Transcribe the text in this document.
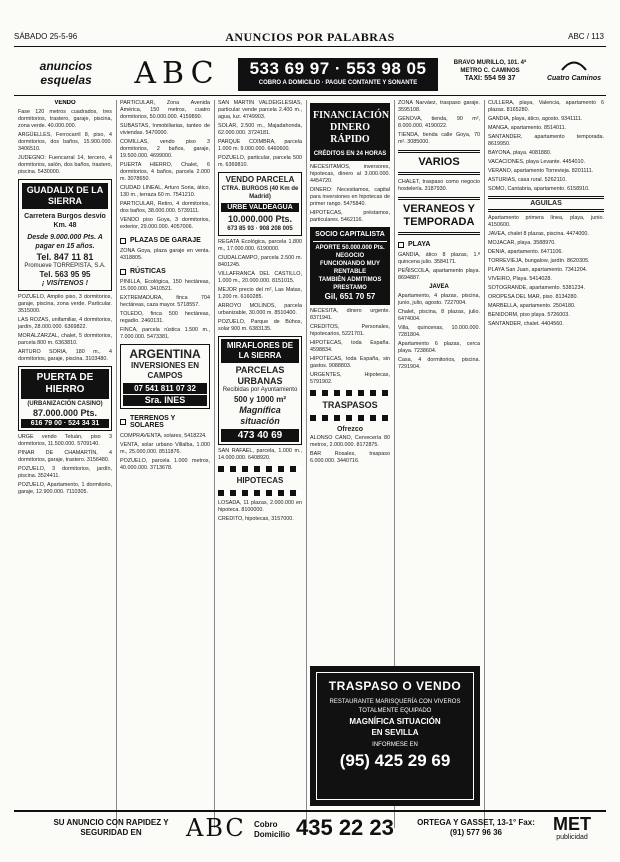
SÁBADO 25-5-96	ANUNCIOS POR PALABRAS	ABC / 113
anuncios esquelas	ABC	533 69 97 · 553 98 05
COBRO A DOMICILIO · PAGUE CONTANTE Y SONANTE
BRAVO MURILLO, 101. 4ª
METRO C. CAMINOS
TAXI: 554 59 37	Cuatro Caminos

VENDO

Fase 120 metros cuadrados, tres dormitorios, trastero, garaje, piscina, zona verde. 40.000.000.

ARGÜELLES, Ferrocarril 8, piso, 4 dormitorios, dos baños, 15.900.000. 3406510.

JUDEGNO: Fuencarral 14, tercero, 4 dormitorios, salón, dos baños, trastero, piscina. 5430000.

GUADALIX DE LA SIERRA
Carretera Burgos desvío Km. 48
Desde 9.000.000 Pts. A pagar en 15 años.
Tel. 847 11 81
Promueve TORREPISTA, S.A.
Tel. 563 95 95
¡ VISÍTENOS !

POZUELO, Amplio piso, 3 dormitorios, garaje, piscina, zona verde. Particular. 3515000.

LAS ROZAS, unifamiliar, 4 dormitorios, jardín, 28.000.000. 6369822.

MORALZARZAL, chalet, 5 dormitorios, parcela 800 m. 6363810.

ARTURO SORIA, 180 m., 4 dormitorios, garaje, piscina. 3103480.

PUERTA DE HIERRO
(URBANIZACIÓN CASINO)
87.000.000 Pts.
616 79 00 · 524 34 31

URGE vendo Tetuán, piso 3 dormitorios, 11.500.000. 5709140.

PINAR DE CHAMARTÍN, 4 dormitorios, garaje, trastero. 3156480.

POZUELO, 3 dormitorios, jardín, piscina. 3524411.

POZUELO, Apartamento, 1 dormitorio, garaje, 12.900.000. 7110305.

PARTICULAR, Zona Avenida América, 150 metros, cuatro dormitorios, 50.000.000. 4159890.

SUBASTAS, Inmobiliarias, tanteo de viviendas. 5470000.

COMILLAS, vendo piso 3 dormitorios, 2 baños, garaje, 19.500.000. 4699000.

PUERTA HIERRO, Chalet, 6 dormitorios, 4 baños, parcela 2.000 m. 3078650.

CIUDAD LINEAL, Arturo Soria, ático, 130 m., terraza 60 m. 7541210.

PARTICULAR, Retiro, 4 dormitorios, dos baños, 38.000.000. 5739111.

VENDO piso Goya, 3 dormitorios, exterior, 29.000.000. 4057006.

PLAZAS DE GARAJE

ZONA Goya, plaza garaje en venta. 4318805.

RÚSTICAS

PINILLA, Ecológica, 150 hectáreas, 15.000.000. 3410521.

EXTREMADURA, finca 704 hectáreas, caza mayor. 5718557.

TOLEDO, finca 500 hectáreas, regadío. 2460131.

FINCA, parcela rústica 1.500 m., 7.000.000. 5473381.

ARGENTINA
INVERSIONES EN CAMPOS
07 541 811 07 32
Sra. INES
TERRENOS Y SOLARES

COMPRAVENTA, solares, 5418224.

VENTA, solar urbano Villalba, 1.000 m., 25.000.000. 8511876.

POZUELO, parcela 1.000 metros, 40.000.000. 3713678.

SAN MARTÍN VALDEIGLESIAS, particular vende parcela 2.400 m., agua, luz. 4749903.

SOLAR, 2.500 m., Majadahonda, 62.000.000. 3724181.

PARQUE COIMBRA, parcela 1.000 m. 9.000.000. 6460600.

POZUELO, particular, parcela 500 m. 6369810.

VENDO PARCELA
CTRA. BURGOS (40 Km de Madrid)
URBE VALDEAGUA
10.000.000 Pts.
673 85 93 · 908 208 005

REGATA Ecológica, parcela 1.800 m., 17.000.000. 6190000.

CIUDALCAMPO, parcela 2.500 m. 8401245.

VILLAFRANCA DEL CASTILLO, 1.000 m., 20.000.000. 8151015.

MEJOR precio del m², Las Matas, 1.200 m. 6160285.

ARROYO MOLINOS, parcela urbanizable, 30.000 m. 8510400.

POZUELO, Parque de Búhos, solar 900 m. 6383135.

MIRAFLORES DE LA SIERRA
PARCELAS URBANAS
Recibidas por Ayuntamiento
500 y 1000 m²
Magnífica situación
473 40 69

SAN RAFAEL, parcela, 1.000 m., 14.000.000. 6408920.

HIPOTECAS

LOSADA, 11 plazas, 2.000.000 en hipoteca. 8100000.

CREDITO, hipotecas, 3157000.

FINANCIACIÓN DINERO RÁPIDO
CRÉDITOS EN 24 HORAS

NECESITAMOS, inversores, hipotecas, dinero al 3.000.000. 4454720.

DINERO: Necesitamos, capital para inversiones en hipotecas de primer rango. 5475840.

HIPOTECAS, préstamos, particulares. 5462116.

SOCIO CAPITALISTA
APORTE 50.000.000 Pts. NEGOCIO FUNCIONANDO MUY RENTABLE
TAMBIÉN ADMITIMOS PRESTAMO
Gil, 651 70 57

NECESITA, dinero urgente. 8371941.

CREDITOS, Personales, hipotecarios, 5221701.

HIPOTECAS, toda España. 4598834.

HIPOTECAS, toda España, sin gastos. 9088803.

URGENTES, Hipotecas, 5791902.

TRASPASOS
Ofrezco

ALONSO CANO, Cervecería 80 metros, 2.000.000. 8172875.

BAR Rosales, traspaso 6.000.000. 3440716.

ZONA Narváez, traspaso garaje. 3595108.

GENOVA, tienda, 90 m², 8.000.000. 4190022.

TIENDA, tienda calle Goya, 70 m². 3085000.

VARIOS

CHALET, traspaso como negocio hostelería. 3187930.

VERANEOS Y TEMPORADA
PLAYA

GANDIA, ático 8 plazas, 1.ª quincena julio. 3584171.

PEÑISCOLA, apartamento playa. 8694887.

JAVEA

Apartamento, 4 plazas, piscina, junio, julio, agosto. 7227004.

Chalet, piscina, 8 plazas, julio. 6474004.

Villa, quincenas, 10.000.000. 7281804.

Apartamento 6 plazas, cerca playa. 7238604.

Casa, 4 dormitorios, piscina. 7291904.

CULLERA, playa, Valencia, apartamento 6 plazas. 8165280.

GANDIA, playa, ático, agosto. 9341111.

MANGA, apartamento. 8514011.

SANTANDER, apartamento temporada. 8619950.

BAYONA, playa. 4081880.

VACACIONES, playa Levante. 4454010.

VERANO, apartamento Torrevieja. 8201111.

ASTURIAS, casa rural. 5262110.

SOMO, Cantabria, apartamento. 6158910.

AGUILAS

Apartamento primera línea, playa, junio. 4150600.

JAVEA, chalet 8 plazas, piscina. 4474000.

MOJACAR, playa. 3588970.

DENIA, apartamento. 6471106.

TORREVIEJA, bungalow, jardín. 8620305.

PLAYA San Juan, apartamento. 7341204.

VIVEIRO, Playa. 5414028.

SOTOGRANDE, apartamento. 5381234.

OROPESA DEL MAR, piso. 8134280.

MARBELLA, apartamento. 2504180.

BENIDORM, piso playa. 5726003.

SANTANDER, chalet. 4404560.

TRASPASO O VENDO
RESTAURANTE MARISQUERÍA CON VIVEROS
TOTALMENTE EQUIPADO
MAGNÍFICA SITUACIÓN
EN SEVILLA
INFORMESE EN
(95) 425 29 69
SU ANUNCIO CON RAPIDEZ Y SEGURIDAD EN	ABC	Cobro Domicilio 435 22 23	ORTEGA Y GASSET, 13-1° Fax: (91) 577 96 36	MET
publicidad
